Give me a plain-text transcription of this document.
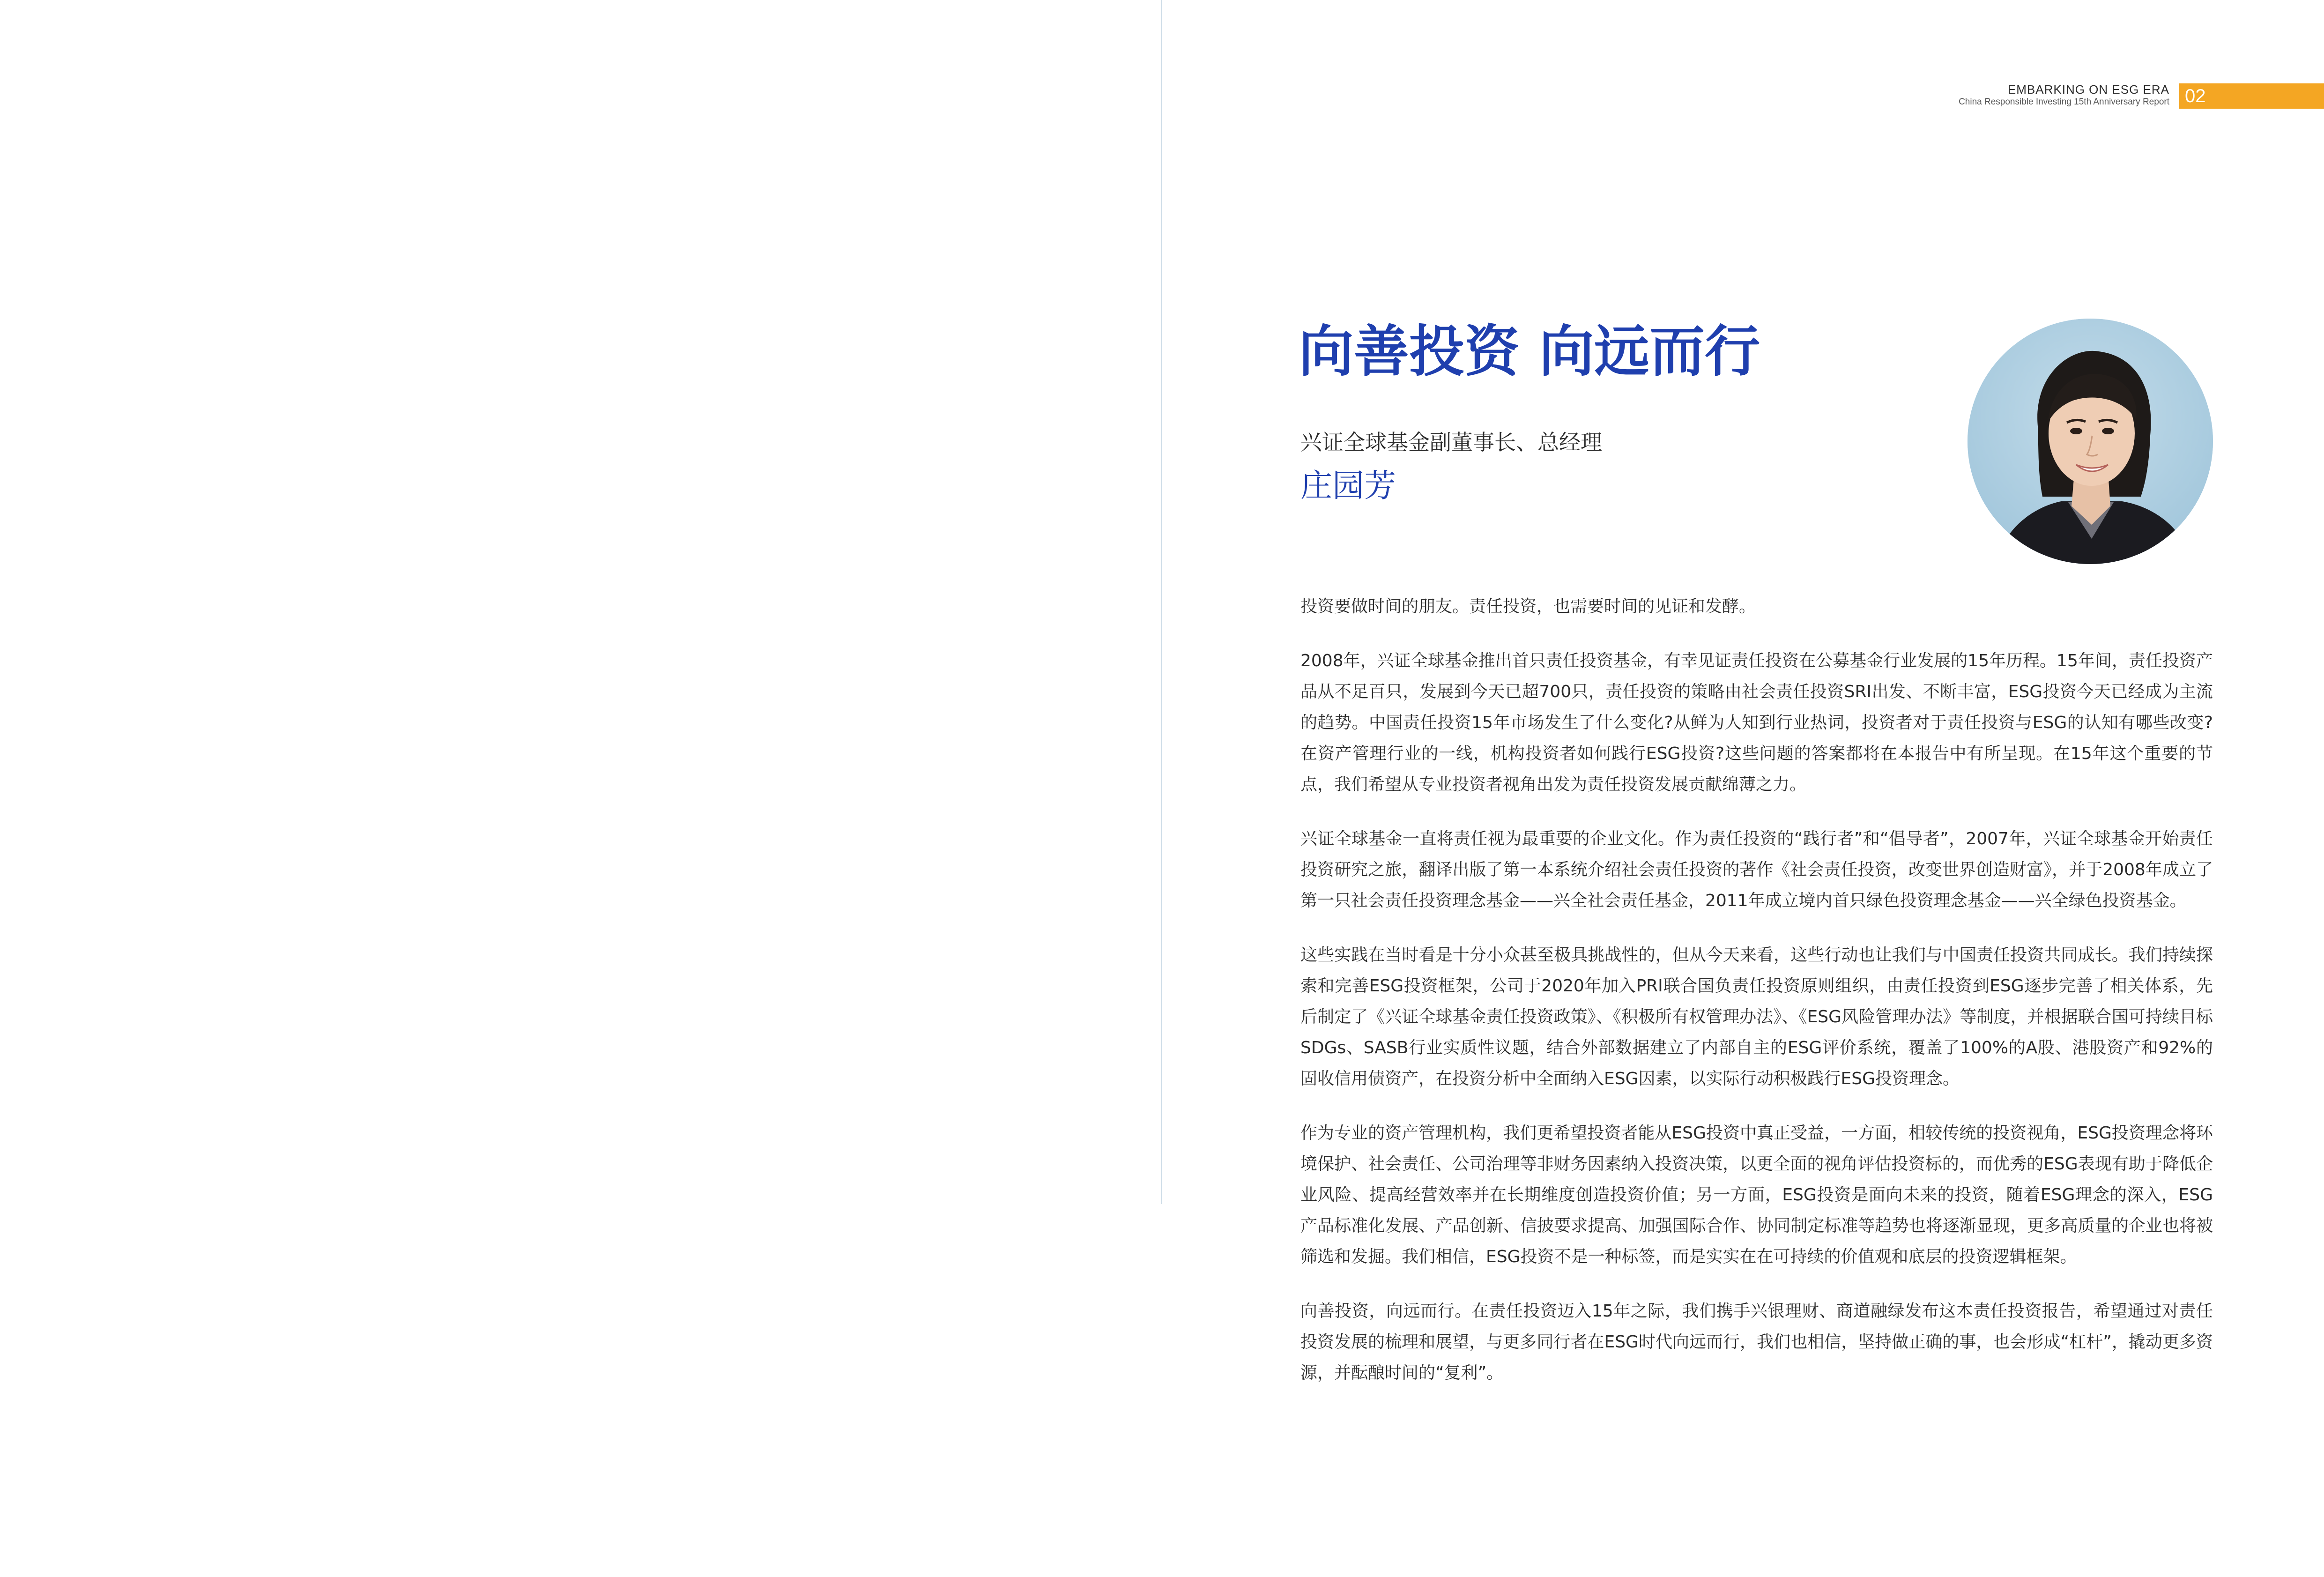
EMBARKING ON ESG ERA
China Responsible Investing 15th Anniversary Report 02
向善投资 向远而行
兴证全球基金副董事长、总经理
庄园芳

投资要做时间的朋友。责任投资，也需要时间的见证和发酵。

2008年，兴证全球基金推出首只责任投资基金，有幸见证责任投资在公募基金行业发展的15年历程。15年间，责任投资产品从不足百只，发展到今天已超700只，责任投资的策略由社会责任投资SRI出发、不断丰富，ESG投资今天已经成为主流的趋势。中国责任投资15年市场发生了什么变化?从鲜为人知到行业热词，投资者对于责任投资与ESG的认知有哪些改变?在资产管理行业的一线，机构投资者如何践行ESG投资?这些问题的答案都将在本报告中有所呈现。在15年这个重要的节点，我们希望从专业投资者视角出发为责任投资发展贡献绵薄之力。

兴证全球基金一直将责任视为最重要的企业文化。作为责任投资的“践行者”和“倡导者”，2007年，兴证全球基金开始责任投资研究之旅，翻译出版了第一本系统介绍社会责任投资的著作《社会责任投资，改变世界创造财富》，并于2008年成立了第一只社会责任投资理念基金——兴全社会责任基金，2011年成立境内首只绿色投资理念基金——兴全绿色投资基金。

这些实践在当时看是十分小众甚至极具挑战性的，但从今天来看，这些行动也让我们与中国责任投资共同成长。我们持续探索和完善ESG投资框架，公司于2020年加入PRI联合国负责任投资原则组织，由责任投资到ESG逐步完善了相关体系，先后制定了《兴证全球基金责任投资政策》、《积极所有权管理办法》、《ESG风险管理办法》等制度，并根据联合国可持续目标SDGs、SASB行业实质性议题，结合外部数据建立了内部自主的ESG评价系统，覆盖了100%的A股、港股资产和92%的固收信用债资产，在投资分析中全面纳入ESG因素，以实际行动积极践行ESG投资理念。

作为专业的资产管理机构，我们更希望投资者能从ESG投资中真正受益，一方面，相较传统的投资视角，ESG投资理念将环境保护、社会责任、公司治理等非财务因素纳入投资决策，以更全面的视角评估投资标的，而优秀的ESG表现有助于降低企业风险、提高经营效率并在长期维度创造投资价值；另一方面，ESG投资是面向未来的投资，随着ESG理念的深入，ESG产品标准化发展、产品创新、信披要求提高、加强国际合作、协同制定标准等趋势也将逐渐显现，更多高质量的企业也将被筛选和发掘。我们相信，ESG投资不是一种标签，而是实实在在可持续的价值观和底层的投资逻辑框架。

向善投资，向远而行。在责任投资迈入15年之际，我们携手兴银理财、商道融绿发布这本责任投资报告，希望通过对责任投资发展的梳理和展望，与更多同行者在ESG时代向远而行，我们也相信，坚持做正确的事，也会形成“杠杆”，撬动更多资源，并酝酿时间的“复利”。
